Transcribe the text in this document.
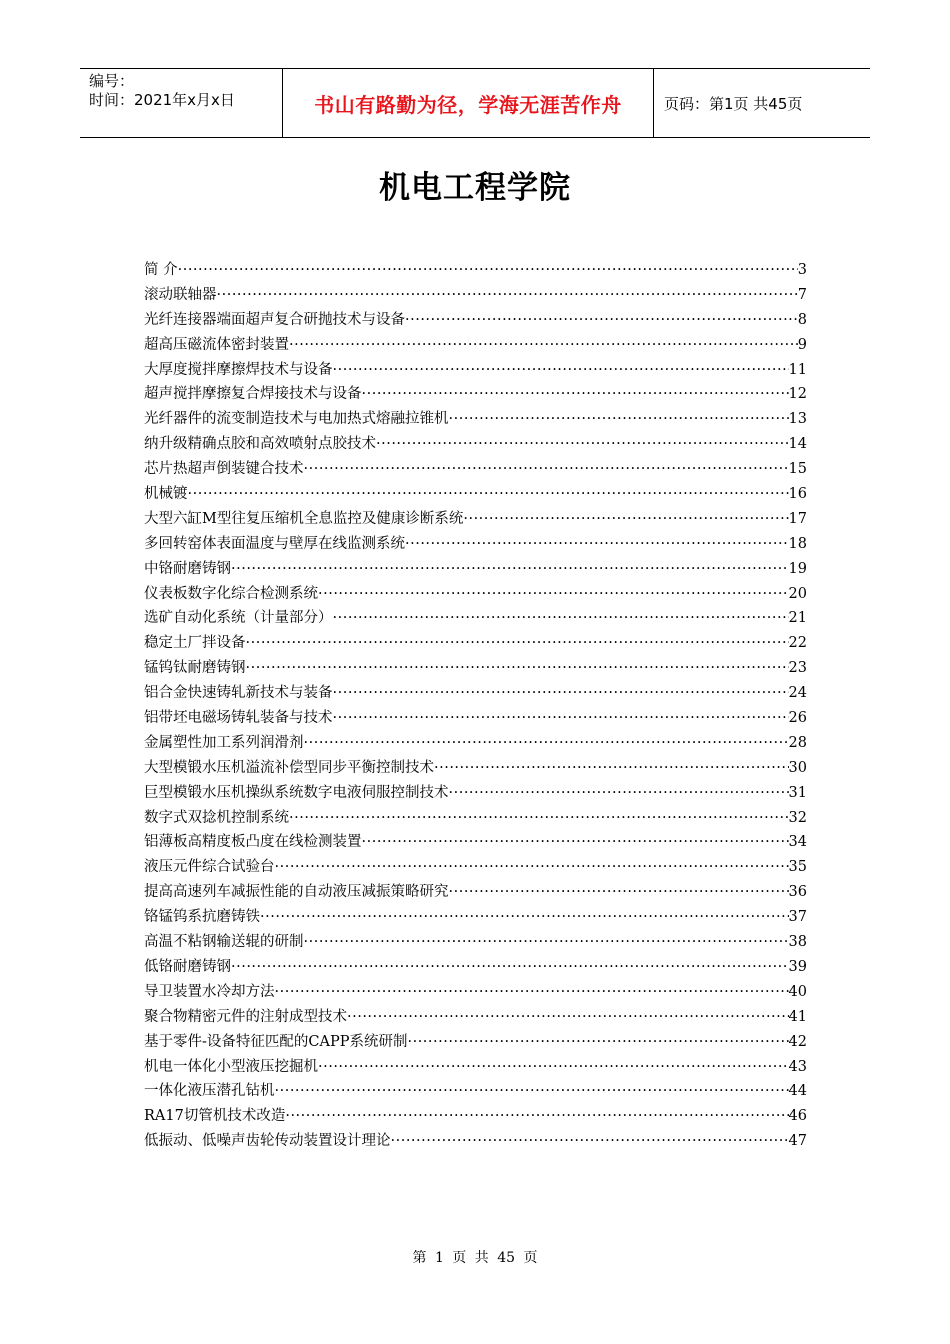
编号：
时间：2021年x月x日	书山有路勤为径，学海无涯苦作舟	页码：第1页 共45页
机电工程学院
简 介 ·····	3
滚动联轴器 ·····	7
光纤连接器端面超声复合研抛技术与设备 ·····	8
超高压磁流体密封装置 ·····	9
大厚度搅拌摩擦焊技术与设备 ·····	11
超声搅拌摩擦复合焊接技术与设备 ·····	12
光纤器件的流变制造技术与电加热式熔融拉锥机 ·····	13
纳升级精确点胶和高效喷射点胶技术 ·····	14
芯片热超声倒装键合技术 ·····	15
机械镀 ·····	16
大型六缸M型往复压缩机全息监控及健康诊断系统 ·····	17
多回转窑体表面温度与壁厚在线监测系统 ·····	18
中铬耐磨铸钢 ·····	19
仪表板数字化综合检测系统 ·····	20
选矿自动化系统（计量部分） ·····	21
稳定土厂拌设备 ·····	22
锰钨钛耐磨铸钢 ·····	23
铝合金快速铸轧新技术与装备 ·····	24
铝带坯电磁场铸轧装备与技术 ·····	26
金属塑性加工系列润滑剂 ·····	28
大型模锻水压机溢流补偿型同步平衡控制技术 ·····	30
巨型模锻水压机操纵系统数字电液伺服控制技术 ·····	31
数字式双捻机控制系统 ·····	32
铝薄板高精度板凸度在线检测装置 ·····	34
液压元件综合试验台 ·····	35
提高高速列车减振性能的自动液压减振策略研究 ·····	36
铬锰钨系抗磨铸铁 ·····	37
高温不粘钢输送辊的研制 ·····	38
低铬耐磨铸钢 ·····	39
导卫装置水冷却方法 ·····	40
聚合物精密元件的注射成型技术 ·····	41
基于零件-设备特征匹配的CAPP系统研制 ·····	42
机电一体化小型液压挖掘机 ·····	43
一体化液压潜孔钻机 ·····	44
RA17切管机技术改造 ·····	46
低振动、低噪声齿轮传动装置设计理论 ·····	47
第 1 页 共 45 页
